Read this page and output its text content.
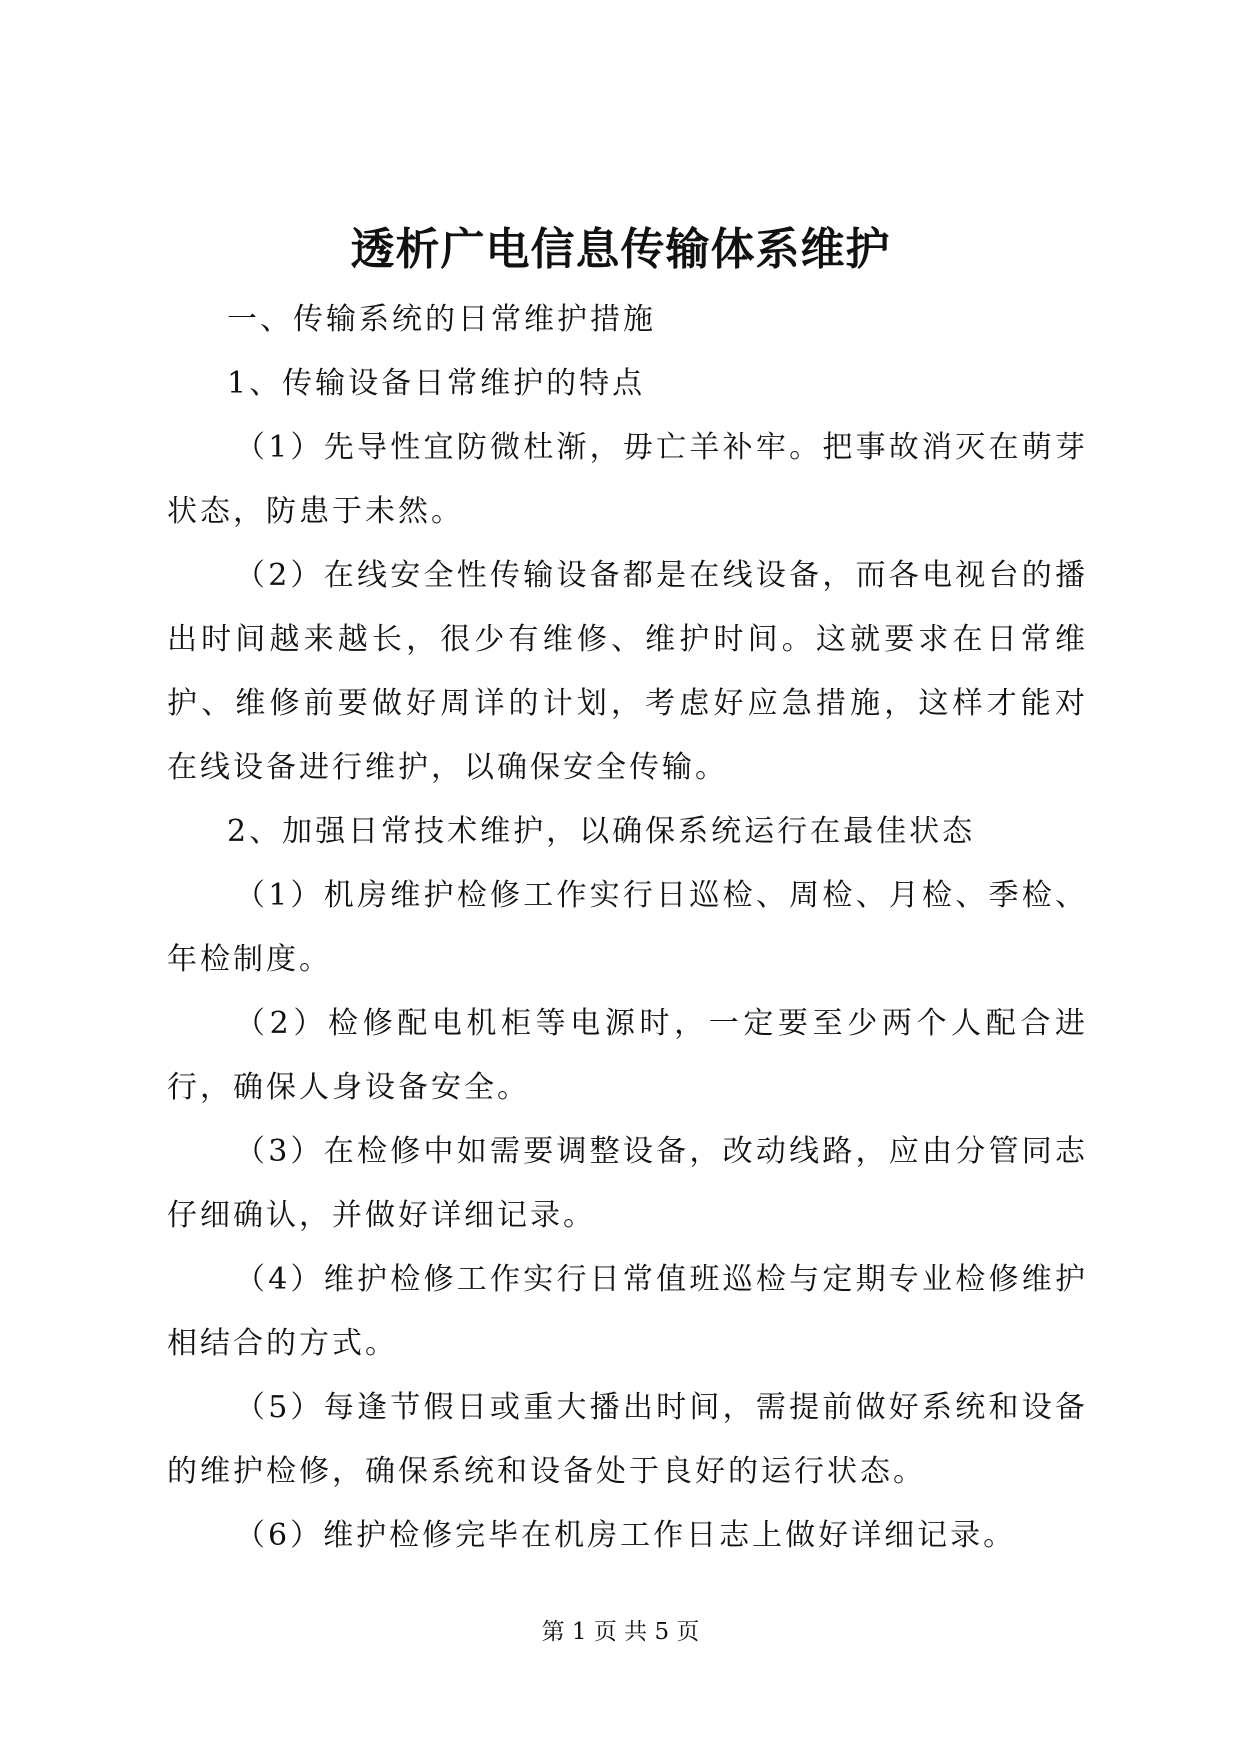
透析广电信息传输体系维护

一、传输系统的日常维护措施

1、传输设备日常维护的特点

（1）先导性宜防微杜渐，毋亡羊补牢。把事故消灭在萌芽状态，防患于未然。

（2）在线安全性传输设备都是在线设备，而各电视台的播出时间越来越长，很少有维修、维护时间。这就要求在日常维护、维修前要做好周详的计划，考虑好应急措施，这样才能对在线设备进行维护，以确保安全传输。

2、加强日常技术维护，以确保系统运行在最佳状态

（1）机房维护检修工作实行日巡检、周检、月检、季检、年检制度。

（2）检修配电机柜等电源时，一定要至少两个人配合进行，确保人身设备安全。

（3）在检修中如需要调整设备，改动线路，应由分管同志仔细确认，并做好详细记录。

（4）维护检修工作实行日常值班巡检与定期专业检修维护相结合的方式。

（5）每逢节假日或重大播出时间，需提前做好系统和设备的维护检修，确保系统和设备处于良好的运行状态。

（6）维护检修完毕在机房工作日志上做好详细记录。

第 1 页 共 5 页
